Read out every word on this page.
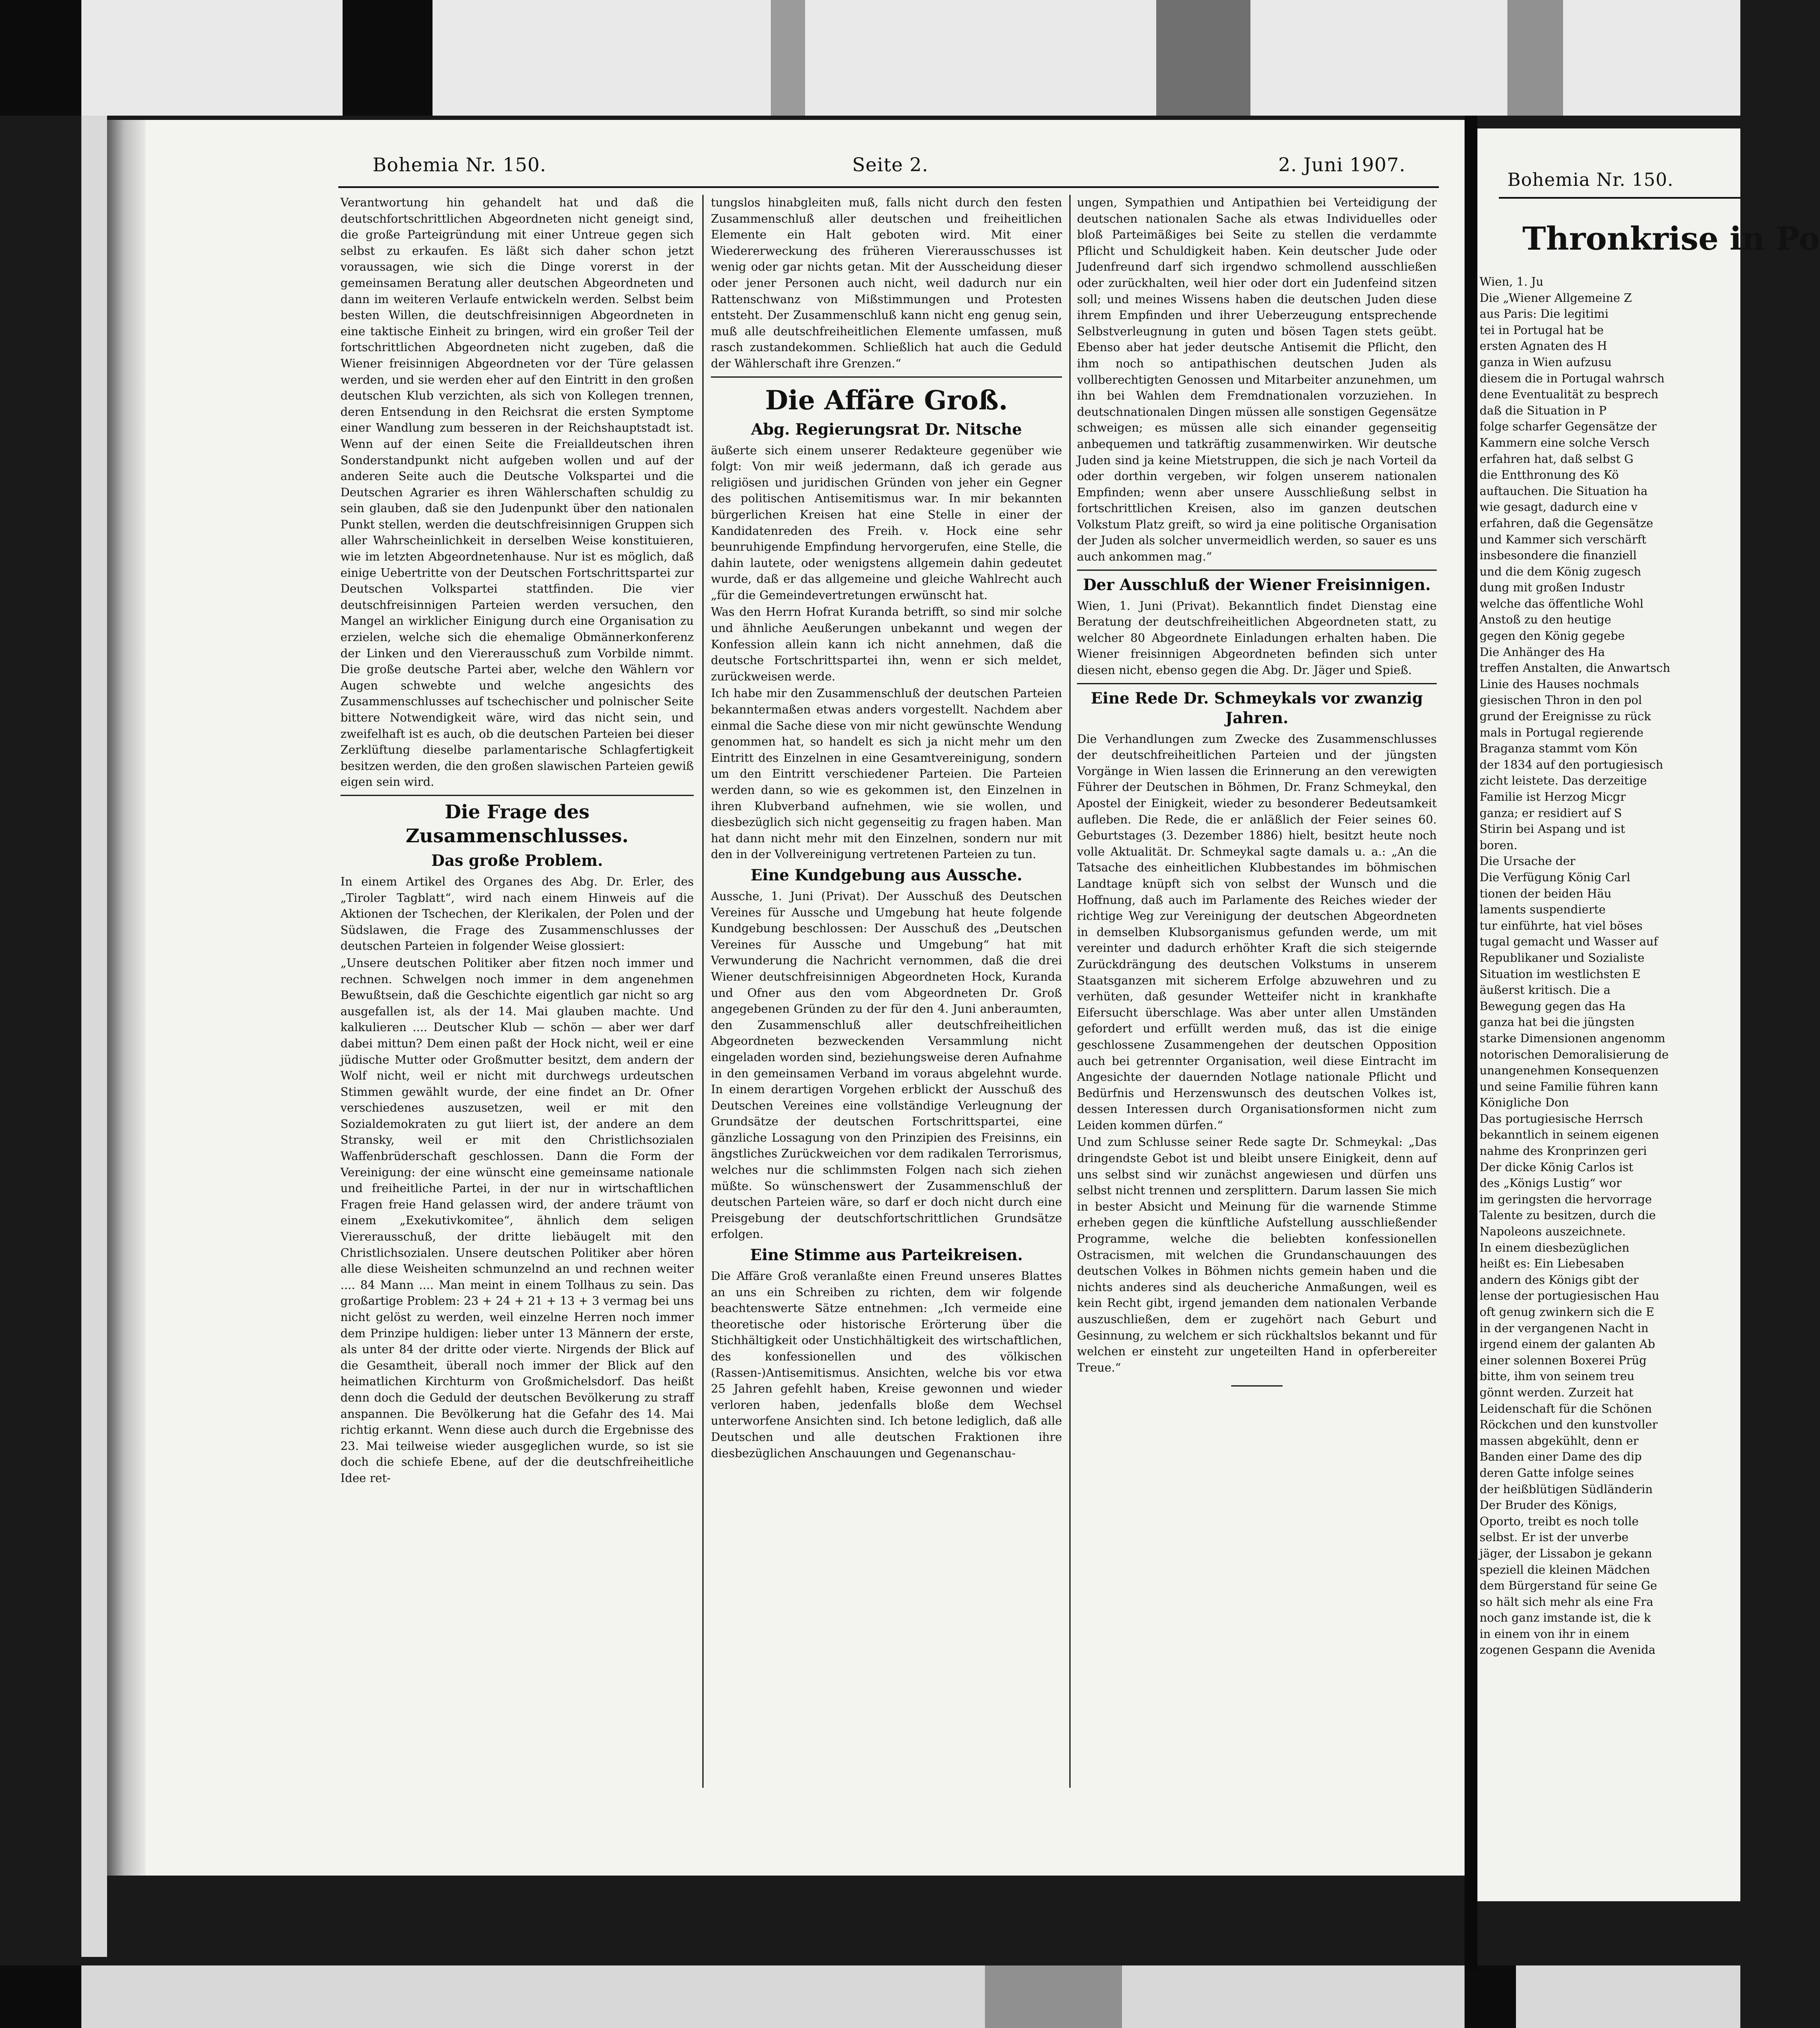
Bohemia Nr. 150.	Seite 2.	2. Juni 1907.

Verantwortung hin gehandelt hat und daß die deutschfortschrittlichen Abgeordneten nicht geneigt sind, die große Parteigründung mit einer Untreue gegen sich selbst zu erkaufen. Es läßt sich daher schon jetzt voraussagen, wie sich die Dinge vorerst in der gemeinsamen Beratung aller deutschen Abgeordneten und dann im weiteren Verlaufe entwickeln werden. Selbst beim besten Willen, die deutschfreisinnigen Abgeordneten in eine taktische Einheit zu bringen, wird ein großer Teil der fortschrittlichen Abgeordneten nicht zugeben, daß die Wiener freisinnigen Abgeordneten vor der Türe gelassen werden, und sie werden eher auf den Eintritt in den großen deutschen Klub verzichten, als sich von Kollegen trennen, deren Entsendung in den Reichsrat die ersten Symptome einer Wandlung zum besseren in der Reichshauptstadt ist. Wenn auf der einen Seite die Freialldeutschen ihren Sonderstandpunkt nicht aufgeben wollen und auf der anderen Seite auch die Deutsche Volkspartei und die Deutschen Agrarier es ihren Wählerschaften schuldig zu sein glauben, daß sie den Judenpunkt über den nationalen Punkt stellen, werden die deutschfreisinnigen Gruppen sich aller Wahrscheinlichkeit in derselben Weise konstituieren, wie im letzten Abgeordnetenhause. Nur ist es möglich, daß einige Uebertritte von der Deutschen Fortschrittspartei zur Deutschen Volkspartei stattfinden. Die vier deutschfreisinnigen Parteien werden versuchen, den Mangel an wirklicher Einigung durch eine Organisation zu erzielen, welche sich die ehemalige Obmännerkonferenz der Linken und den Viererausschuß zum Vorbilde nimmt. Die große deutsche Partei aber, welche den Wählern vor Augen schwebte und welche angesichts des Zusammenschlusses auf tschechischer und polnischer Seite bittere Notwendigkeit wäre, wird das nicht sein, und zweifelhaft ist es auch, ob die deutschen Parteien bei dieser Zerklüftung dieselbe parlamentarische Schlagfertigkeit besitzen werden, die den großen slawischen Parteien gewiß eigen sein wird.

Die Frage des Zusammenschlusses.
Das große Problem.

In einem Artikel des Organes des Abg. Dr. Erler, des „Tiroler Tagblatt“, wird nach einem Hinweis auf die Aktionen der Tschechen, der Klerikalen, der Polen und der Südslawen, die Frage des Zusammenschlusses der deutschen Parteien in folgender Weise glossiert:

„Unsere deutschen Politiker aber fitzen noch immer und rechnen. Schwelgen noch immer in dem angenehmen Bewußtsein, daß die Geschichte eigentlich gar nicht so arg ausgefallen ist, als der 14. Mai glauben machte. Und kalkulieren .... Deutscher Klub — schön — aber wer darf dabei mittun? Dem einen paßt der Hock nicht, weil er eine jüdische Mutter oder Großmutter besitzt, dem andern der Wolf nicht, weil er nicht mit durchwegs urdeutschen Stimmen gewählt wurde, der eine findet an Dr. Ofner verschiedenes auszusetzen, weil er mit den Sozialdemokraten zu gut liiert ist, der andere an dem Stransky, weil er mit den Christlichsozialen Waffenbrüderschaft geschlossen. Dann die Form der Vereinigung: der eine wünscht eine gemeinsame nationale und freiheitliche Partei, in der nur in wirtschaftlichen Fragen freie Hand gelassen wird, der andere träumt von einem „Exekutivkomitee“, ähnlich dem seligen Viererausschuß, der dritte liebäugelt mit den Christlichsozialen. Unsere deutschen Politiker aber hören alle diese Weisheiten schmunzelnd an und rechnen weiter .... 84 Mann .... Man meint in einem Tollhaus zu sein. Das großartige Problem: 23 + 24 + 21 + 13 + 3 vermag bei uns nicht gelöst zu werden, weil einzelne Herren noch immer dem Prinzipe huldigen: lieber unter 13 Männern der erste, als unter 84 der dritte oder vierte. Nirgends der Blick auf die Gesamtheit, überall noch immer der Blick auf den heimatlichen Kirchturm von Großmichelsdorf. Das heißt denn doch die Geduld der deutschen Bevölkerung zu straff anspannen. Die Bevölkerung hat die Gefahr des 14. Mai richtig erkannt. Wenn diese auch durch die Ergebnisse des 23. Mai teilweise wieder ausgeglichen wurde, so ist sie doch die schiefe Ebene, auf der die deutschfreiheitliche Idee ret-

tungslos hinabgleiten muß, falls nicht durch den festen Zusammenschluß aller deutschen und freiheitlichen Elemente ein Halt geboten wird. Mit einer Wiedererweckung des früheren Viererausschusses ist wenig oder gar nichts getan. Mit der Ausscheidung dieser oder jener Personen auch nicht, weil dadurch nur ein Rattenschwanz von Mißstimmungen und Protesten entsteht. Der Zusammenschluß kann nicht eng genug sein, muß alle deutschfreiheitlichen Elemente umfassen, muß rasch zustandekommen. Schließlich hat auch die Geduld der Wählerschaft ihre Grenzen.“

Die Affäre Groß.
Abg. Regierungsrat Dr. Nitsche

äußerte sich einem unserer Redakteure gegenüber wie folgt: Von mir weiß jedermann, daß ich gerade aus religiösen und juridischen Gründen von jeher ein Gegner des politischen Antisemitismus war. In mir bekannten bürgerlichen Kreisen hat eine Stelle in einer der Kandidatenreden des Freih. v. Hock eine sehr beunruhigende Empfindung hervorgerufen, eine Stelle, die dahin lautete, oder wenigstens allgemein dahin gedeutet wurde, daß er das allgemeine und gleiche Wahlrecht auch „für die Gemeindevertretungen erwünscht hat.

Was den Herrn Hofrat Kuranda betrifft, so sind mir solche und ähnliche Aeußerungen unbekannt und wegen der Konfession allein kann ich nicht annehmen, daß die deutsche Fortschrittspartei ihn, wenn er sich meldet, zurückweisen werde.

Ich habe mir den Zusammenschluß der deutschen Parteien bekanntermaßen etwas anders vorgestellt. Nachdem aber einmal die Sache diese von mir nicht gewünschte Wendung genommen hat, so handelt es sich ja nicht mehr um den Eintritt des Einzelnen in eine Gesamtvereinigung, sondern um den Eintritt verschiedener Parteien. Die Parteien werden dann, so wie es gekommen ist, den Einzelnen in ihren Klubverband aufnehmen, wie sie wollen, und diesbezüglich sich nicht gegenseitig zu fragen haben. Man hat dann nicht mehr mit den Einzelnen, sondern nur mit den in der Vollvereinigung vertretenen Parteien zu tun.

Eine Kundgebung aus Aussche.

Aussche, 1. Juni (Privat). Der Ausschuß des Deutschen Vereines für Aussche und Umgebung hat heute folgende Kundgebung beschlossen: Der Ausschuß des „Deutschen Vereines für Aussche und Umgebung“ hat mit Verwunderung die Nachricht vernommen, daß die drei Wiener deutschfreisinnigen Abgeordneten Hock, Kuranda und Ofner aus den vom Abgeordneten Dr. Groß angegebenen Gründen zu der für den 4. Juni anberaumten, den Zusammenschluß aller deutschfreiheitlichen Abgeordneten bezweckenden Versammlung nicht eingeladen worden sind, beziehungsweise deren Aufnahme in den gemeinsamen Verband im voraus abgelehnt wurde. In einem derartigen Vorgehen erblickt der Ausschuß des Deutschen Vereines eine vollständige Verleugnung der Grundsätze der deutschen Fortschrittspartei, eine gänzliche Lossagung von den Prinzipien des Freisinns, ein ängstliches Zurückweichen vor dem radikalen Terrorismus, welches nur die schlimmsten Folgen nach sich ziehen müßte. So wünschenswert der Zusammenschluß der deutschen Parteien wäre, so darf er doch nicht durch eine Preisgebung der deutschfortschrittlichen Grundsätze erfolgen.

Eine Stimme aus Parteikreisen.

Die Affäre Groß veranlaßte einen Freund unseres Blattes an uns ein Schreiben zu richten, dem wir folgende beachtenswerte Sätze entnehmen: „Ich vermeide eine theoretische oder historische Erörterung über die Stichhältigkeit oder Unstichhältigkeit des wirtschaftlichen, des konfessionellen und des völkischen (Rassen-)Antisemitismus. Ansichten, welche bis vor etwa 25 Jahren gefehlt haben, Kreise gewonnen und wieder verloren haben, jedenfalls bloße dem Wechsel unterworfene Ansichten sind. Ich betone lediglich, daß alle Deutschen und alle deutschen Fraktionen ihre diesbezüglichen Anschauungen und Gegenanschau-

ungen, Sympathien und Antipathien bei Verteidigung der deutschen nationalen Sache als etwas Individuelles oder bloß Parteimäßiges bei Seite zu stellen die verdammte Pflicht und Schuldigkeit haben. Kein deutscher Jude oder Judenfreund darf sich irgendwo schmollend ausschließen oder zurückhalten, weil hier oder dort ein Judenfeind sitzen soll; und meines Wissens haben die deutschen Juden diese ihrem Empfinden und ihrer Ueberzeugung entsprechende Selbstverleugnung in guten und bösen Tagen stets geübt. Ebenso aber hat jeder deutsche Antisemit die Pflicht, den ihm noch so antipathischen deutschen Juden als vollberechtigten Genossen und Mitarbeiter anzunehmen, um ihn bei Wahlen dem Fremdnationalen vorzuziehen. In deutschnationalen Dingen müssen alle sonstigen Gegensätze schweigen; es müssen alle sich einander gegenseitig anbequemen und tatkräftig zusammenwirken. Wir deutsche Juden sind ja keine Mietstruppen, die sich je nach Vorteil da oder dorthin vergeben, wir folgen unserem nationalen Empfinden; wenn aber unsere Ausschließung selbst in fortschrittlichen Kreisen, also im ganzen deutschen Volkstum Platz greift, so wird ja eine politische Organisation der Juden als solcher unvermeidlich werden, so sauer es uns auch ankommen mag.“

Der Ausschluß der Wiener Freisinnigen.

Wien, 1. Juni (Privat). Bekanntlich findet Dienstag eine Beratung der deutschfreiheitlichen Abgeordneten statt, zu welcher 80 Abgeordnete Einladungen erhalten haben. Die Wiener freisinnigen Abgeordneten befinden sich unter diesen nicht, ebenso gegen die Abg. Dr. Jäger und Spieß.

Eine Rede Dr. Schmeykals vor zwanzig Jahren.

Die Verhandlungen zum Zwecke des Zusammenschlusses der deutschfreiheitlichen Parteien und der jüngsten Vorgänge in Wien lassen die Erinnerung an den verewigten Führer der Deutschen in Böhmen, Dr. Franz Schmeykal, den Apostel der Einigkeit, wieder zu besonderer Bedeutsamkeit aufleben. Die Rede, die er anläßlich der Feier seines 60. Geburtstages (3. Dezember 1886) hielt, besitzt heute noch volle Aktualität. Dr. Schmeykal sagte damals u. a.: „An die Tatsache des einheitlichen Klubbestandes im böhmischen Landtage knüpft sich von selbst der Wunsch und die Hoffnung, daß auch im Parlamente des Reiches wieder der richtige Weg zur Vereinigung der deutschen Abgeordneten in demselben Klubsorganismus gefunden werde, um mit vereinter und dadurch erhöhter Kraft die sich steigernde Zurückdrängung des deutschen Volkstums in unserem Staatsganzen mit sicherem Erfolge abzuwehren und zu verhüten, daß gesunder Wetteifer nicht in krankhafte Eifersucht überschlage. Was aber unter allen Umständen gefordert und erfüllt werden muß, das ist die einige geschlossene Zusammengehen der deutschen Opposition auch bei getrennter Organisation, weil diese Eintracht im Angesichte der dauernden Notlage nationale Pflicht und Bedürfnis und Herzenswunsch des deutschen Volkes ist, dessen Interessen durch Organisationsformen nicht zum Leiden kommen dürfen.“

Und zum Schlusse seiner Rede sagte Dr. Schmeykal: „Das dringendste Gebot ist und bleibt unsere Einigkeit, denn auf uns selbst sind wir zunächst angewiesen und dürfen uns selbst nicht trennen und zersplittern. Darum lassen Sie mich in bester Absicht und Meinung für die warnende Stimme erheben gegen die künftliche Aufstellung ausschließender Programme, welche die beliebten konfessionellen Ostracismen, mit welchen die Grundanschauungen des deutschen Volkes in Böhmen nichts gemein haben und die nichts anderes sind als deucheriche Anmaßungen, weil es kein Recht gibt, irgend jemanden dem nationalen Verbande auszuschließen, dem er zugehört nach Geburt und Gesinnung, zu welchem er sich rückhaltslos bekannt und für welchen er einsteht zur ungeteilten Hand in opferbereiter Treue.“

Bohemia Nr. 150.
Thronkrise in Po

Wien, 1. Ju

Die „Wiener Allgemeine Z

aus Paris: Die legitimi

tei in Portugal hat be

ersten Agnaten des H

ganza in Wien aufzusu

diesem die in Portugal wahrsch

dene Eventualität zu besprech

daß die Situation in P

folge scharfer Gegensätze der

Kammern eine solche Versch

erfahren hat, daß selbst G

die Entthronung des Kö

auftauchen. Die Situation ha

wie gesagt, dadurch eine v

erfahren, daß die Gegensätze

und Kammer sich verschärft

insbesondere die finanziell

und die dem König zugesch

dung mit großen Industr

welche das öffentliche Wohl

Anstoß zu den heutige

gegen den König gegebe

Die Anhänger des Ha

treffen Anstalten, die Anwartsch

Linie des Hauses nochmals

giesischen Thron in den pol

grund der Ereignisse zu rück

mals in Portugal regierende

Braganza stammt vom Kön

der 1834 auf den portugiesisch

zicht leistete. Das derzeitige

Familie ist Herzog Micgr

ganza; er residiert auf S

Stirin bei Aspang und ist

boren.

Die Ursache der

Die Verfügung König Carl

tionen der beiden Häu

laments suspendierte

tur einführte, hat viel böses

tugal gemacht und Wasser auf

Republikaner und Sozialiste

Situation im westlichsten E

äußerst kritisch. Die a

Bewegung gegen das Ha

ganza hat bei die jüngsten

starke Dimensionen angenomm

notorischen Demoralisierung de

unangenehmen Konsequenzen

und seine Familie führen kann

Königliche Don

Das portugiesische Herrsch

bekanntlich in seinem eigenen

nahme des Kronprinzen geri

Der dicke König Carlos ist

des „Königs Lustig“ wor

im geringsten die hervorrage

Talente zu besitzen, durch die

Napoleons auszeichnete.

In einem diesbezüglichen

heißt es: Ein Liebesaben

andern des Königs gibt der

lense der portugiesischen Hau

oft genug zwinkern sich die E

in der vergangenen Nacht in

irgend einem der galanten Ab

einer solennen Boxerei Prüg

bitte, ihm von seinem treu

gönnt werden. Zurzeit hat

Leidenschaft für die Schönen

Röckchen und den kunstvoller

massen abgekühlt, denn er

Banden einer Dame des dip

deren Gatte infolge seines

der heißblütigen Südländerin

Der Bruder des Königs,

Oporto, treibt es noch tolle

selbst. Er ist der unverbe

jäger, der Lissabon je gekann

speziell die kleinen Mädchen

dem Bürgerstand für seine Ge

so hält sich mehr als eine Fra

noch ganz imstande ist, die k

in einem von ihr in einem

zogenen Gespann die Avenida
